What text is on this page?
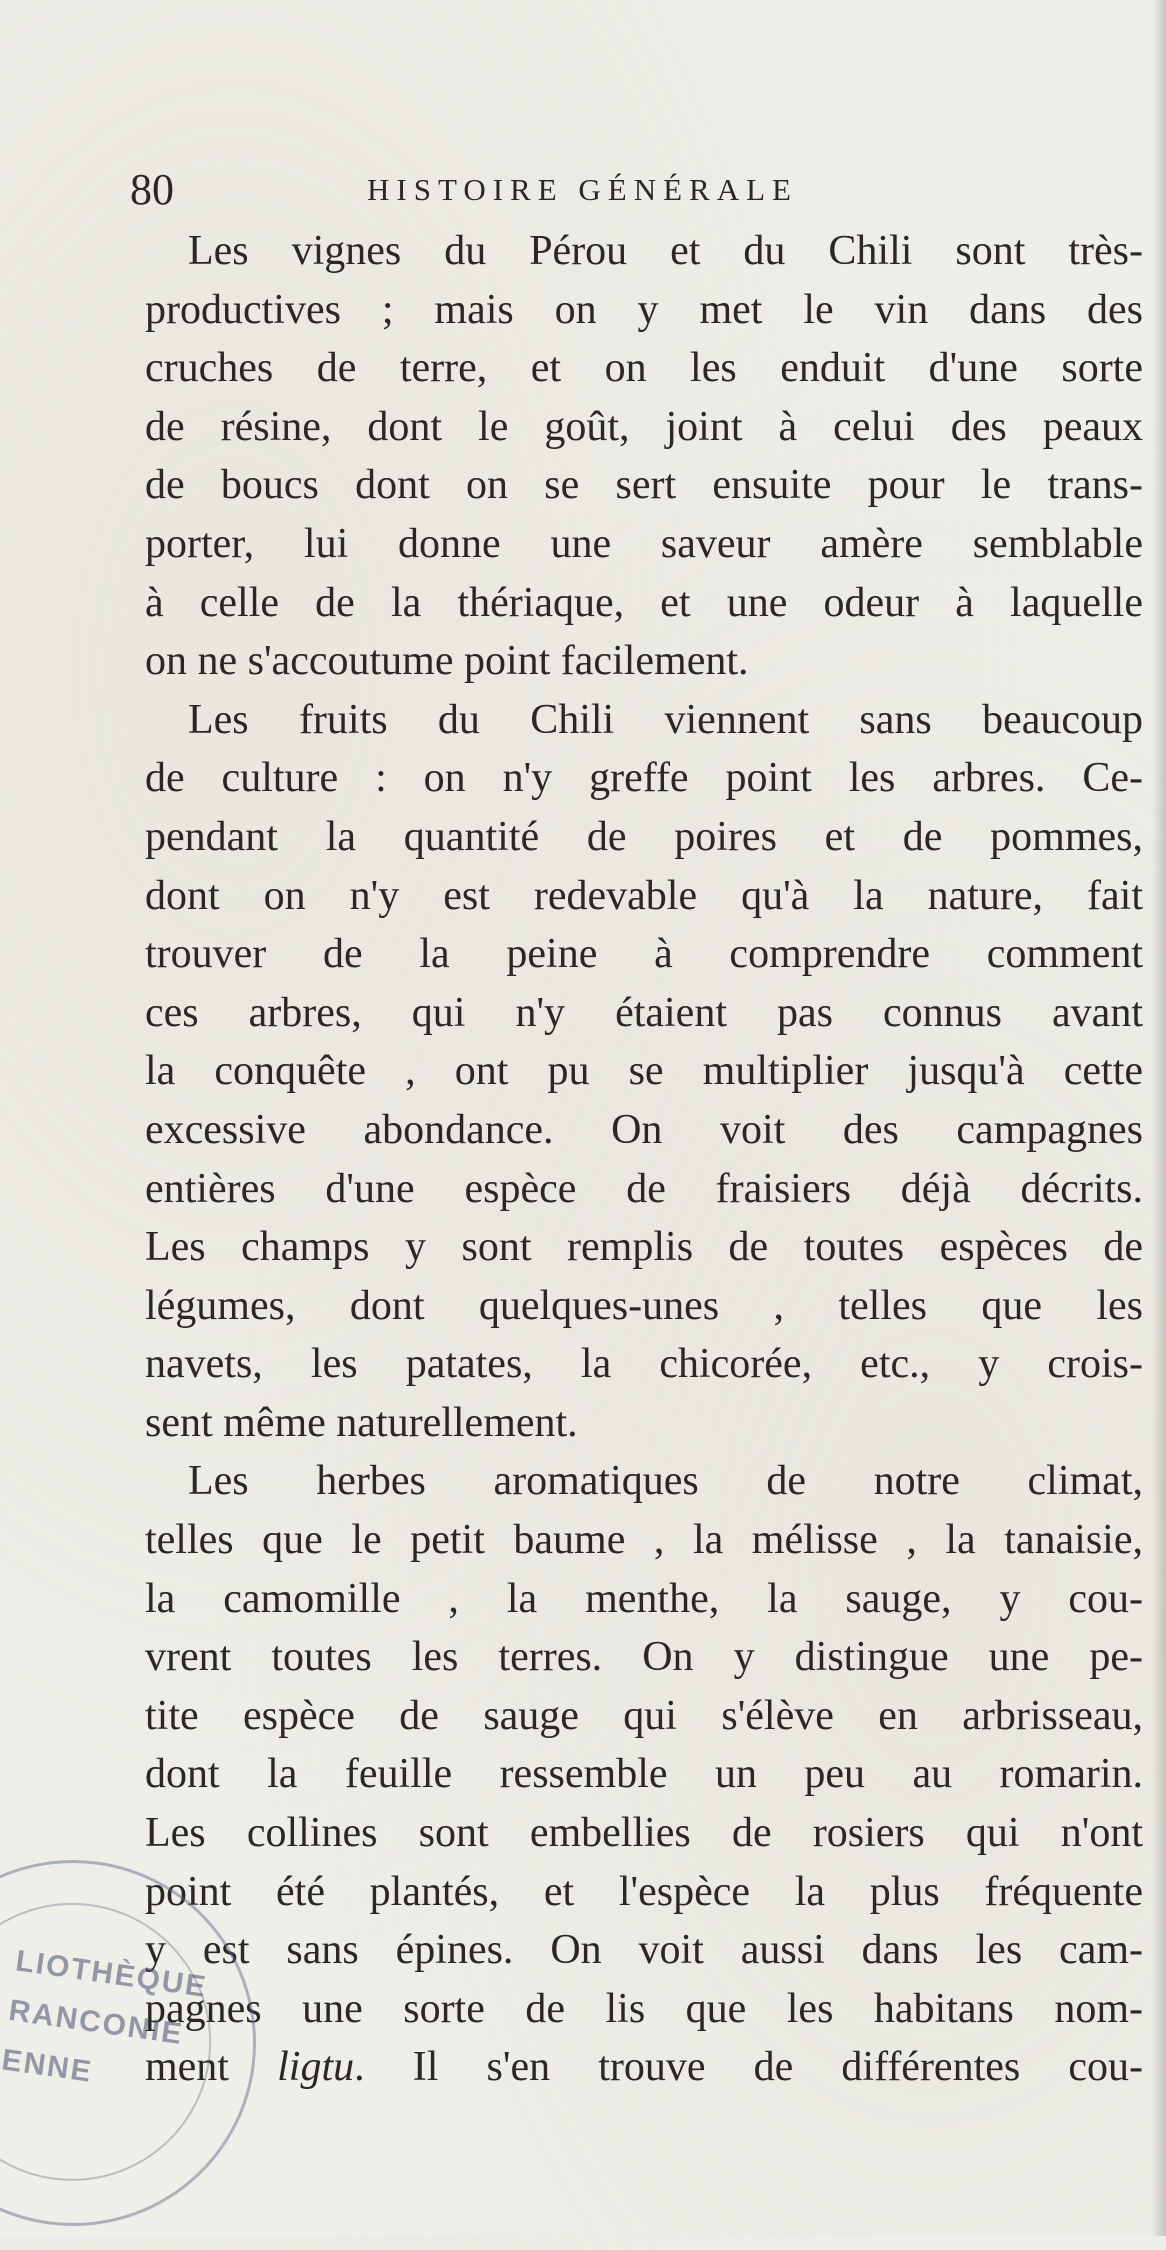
80	HISTOIRE GÉNÉRALE
Les vignes du Pérou et du Chili sont très-
productives ; mais on y met le vin dans des
cruches de terre, et on les enduit d'une sorte
de résine, dont le goût, joint à celui des peaux
de boucs dont on se sert ensuite pour le trans-
porter, lui donne une saveur amère semblable
à celle de la thériaque, et une odeur à laquelle
on ne s'accoutume point facilement.
Les fruits du Chili viennent sans beaucoup
de culture : on n'y greffe point les arbres. Ce-
pendant la quantité de poires et de pommes,
dont on n'y est redevable qu'à la nature, fait
trouver de la peine à comprendre comment
ces arbres, qui n'y étaient pas connus avant
la conquête , ont pu se multiplier jusqu'à cette
excessive abondance. On voit des campagnes
entières d'une espèce de fraisiers déjà décrits.
Les champs y sont remplis de toutes espèces de
légumes, dont quelques-unes , telles que les
navets, les patates, la chicorée, etc., y crois-
sent même naturellement.
Les herbes aromatiques de notre climat,
telles que le petit baume , la mélisse , la tanaisie,
la camomille , la menthe, la sauge, y cou-
vrent toutes les terres. On y distingue une pe-
tite espèce de sauge qui s'élève en arbrisseau,
dont la feuille ressemble un peu au romarin.
Les collines sont embellies de rosiers qui n'ont
point été plantés, et l'espèce la plus fréquente
y est sans épines. On voit aussi dans les cam-
pagnes une sorte de lis que les habitans nom-
ment ligtu. Il s'en trouve de différentes cou-
LIOTHÈQUE
RANCONIE
ENNE
